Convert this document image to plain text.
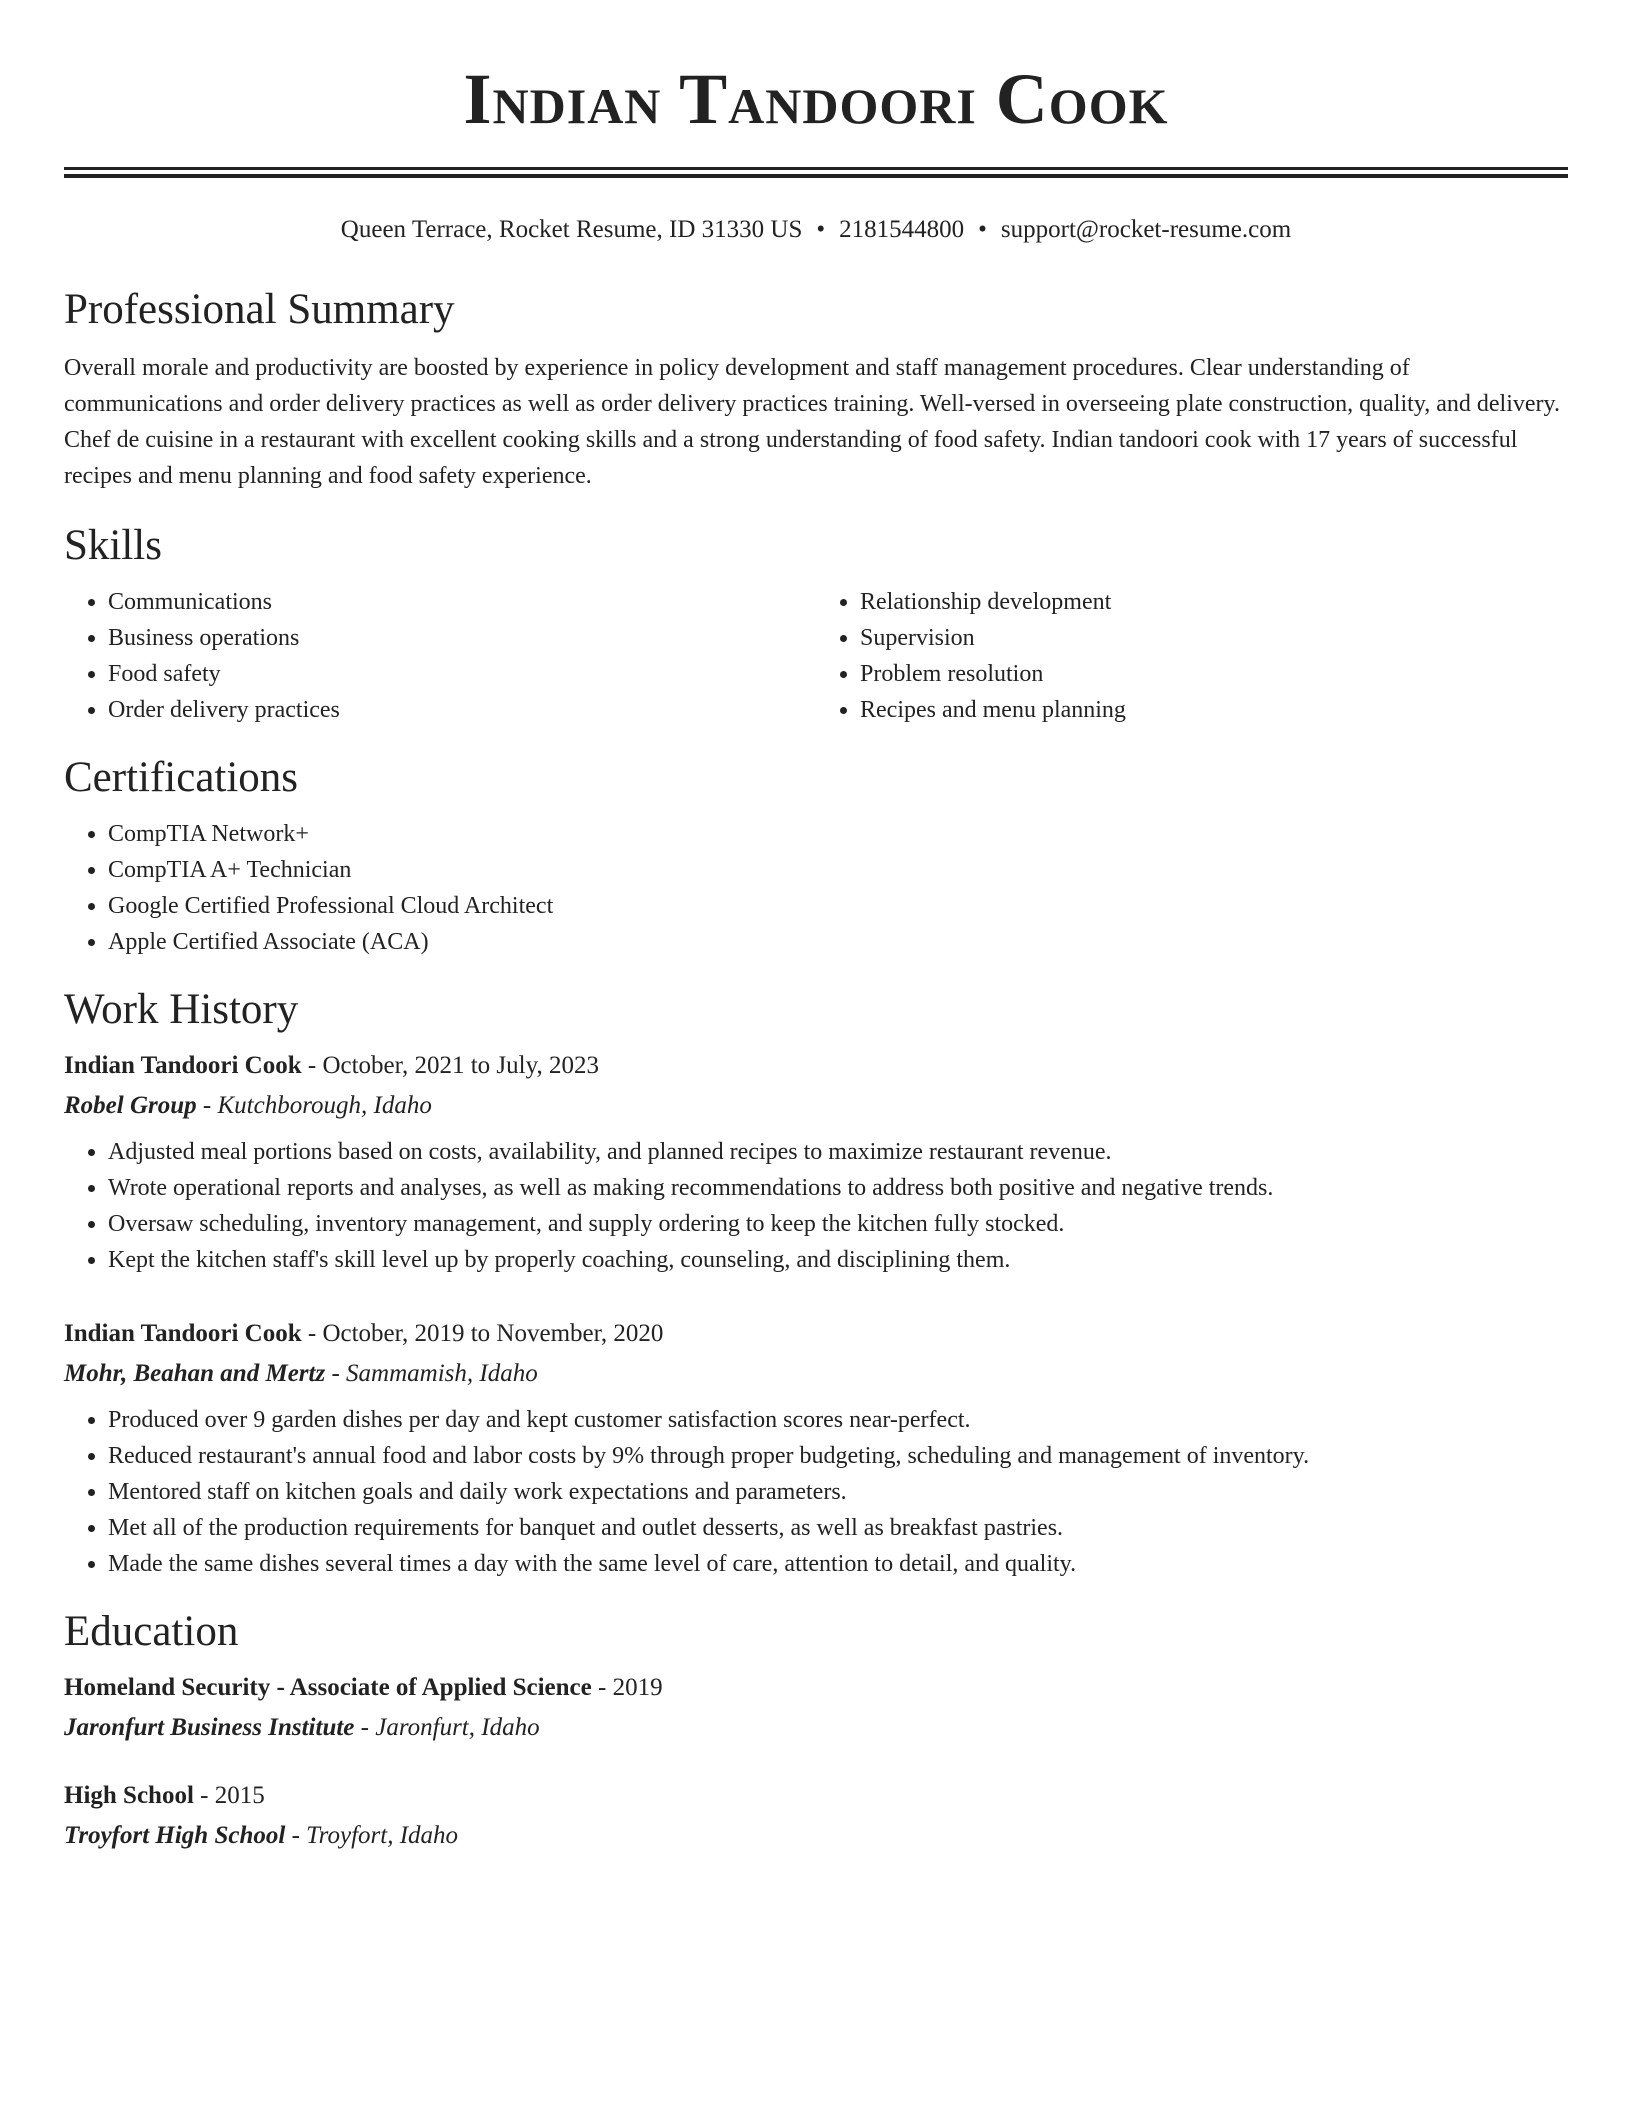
Indian Tandoori Cook
Queen Terrace, Rocket Resume, ID 31330 US • 2181544800 • support@rocket-resume.com
Professional Summary

Overall morale and productivity are boosted by experience in policy development and staff management procedures. Clear understanding of communications and order delivery practices as well as order delivery practices training. Well-versed in overseeing plate construction, quality, and delivery. Chef de cuisine in a restaurant with excellent cooking skills and a strong understanding of food safety. Indian tandoori cook with 17 years of successful recipes and menu planning and food safety experience.

Skills
• Communications
• Business operations
• Food safety
• Order delivery practices
• Relationship development
• Supervision
• Problem resolution
• Recipes and menu planning
Certifications
• CompTIA Network+
• CompTIA A+ Technician
• Google Certified Professional Cloud Architect
• Apple Certified Associate (ACA)
Work History
Indian Tandoori Cook - October, 2021 to July, 2023
Robel Group - Kutchborough, Idaho
• Adjusted meal portions based on costs, availability, and planned recipes to maximize restaurant revenue.
• Wrote operational reports and analyses, as well as making recommendations to address both positive and negative trends.
• Oversaw scheduling, inventory management, and supply ordering to keep the kitchen fully stocked.
• Kept the kitchen staff's skill level up by properly coaching, counseling, and disciplining them.
Indian Tandoori Cook - October, 2019 to November, 2020
Mohr, Beahan and Mertz - Sammamish, Idaho
• Produced over 9 garden dishes per day and kept customer satisfaction scores near-perfect.
• Reduced restaurant's annual food and labor costs by 9% through proper budgeting, scheduling and management of inventory.
• Mentored staff on kitchen goals and daily work expectations and parameters.
• Met all of the production requirements for banquet and outlet desserts, as well as breakfast pastries.
• Made the same dishes several times a day with the same level of care, attention to detail, and quality.
Education
Homeland Security - Associate of Applied Science - 2019
Jaronfurt Business Institute - Jaronfurt, Idaho
High School - 2015
Troyfort High School - Troyfort, Idaho
